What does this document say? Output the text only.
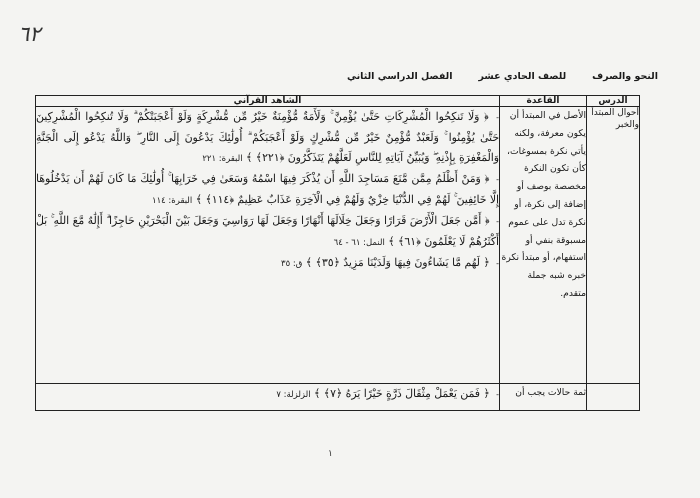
٦٢
النحو والصرف
للصف الحادي عشر
الفصل الدراسي الثاني
الدرس	القاعدة	الشاهد القرآني
أحوال المبتدأ والخبر	الأصل في المبتدأ أن يكون معرفة، ولكنه يأتي نكرة بمسوغات، كأن تكون النكرة مخصصة بوصف أو إضافة إلى نكرة، أو نكرة تدل على عموم مسبوقة بنفي أو استفهام، أو مبتدأ نكرة خبره شبه جملة متقدم.	- ﴿ وَلَا تَنكِحُوا الْمُشْرِكَاتِ حَتَّىٰ يُؤْمِنَّ ۚ وَلَأَمَةٌ مُّؤْمِنَةٌ خَيْرٌ مِّن مُّشْرِكَةٍ وَلَوْ أَعْجَبَتْكُمْ ۗ وَلَا تُنكِحُوا الْمُشْرِكِينَ حَتَّىٰ يُؤْمِنُوا ۚ وَلَعَبْدٌ مُّؤْمِنٌ خَيْرٌ مِّن مُّشْرِكٍ وَلَوْ أَعْجَبَكُمْ ۗ أُولَٰئِكَ يَدْعُونَ إِلَى النَّارِ ۖ وَاللَّهُ يَدْعُو إِلَى الْجَنَّةِ وَالْمَغْفِرَةِ بِإِذْنِهِ ۖ وَيُبَيِّنُ آيَاتِهِ لِلنَّاسِ لَعَلَّهُمْ يَتَذَكَّرُونَ ﴿٢٢١﴾ ﴾ البقرة: ٢٢١

- ﴿ وَمَنْ أَظْلَمُ مِمَّن مَّنَعَ مَسَاجِدَ اللَّهِ أَن يُذْكَرَ فِيهَا اسْمُهُ وَسَعَىٰ فِي خَرَابِهَا ۚ أُولَٰئِكَ مَا كَانَ لَهُمْ أَن يَدْخُلُوهَا إِلَّا خَائِفِينَ ۚ لَهُمْ فِي الدُّنْيَا خِزْيٌ وَلَهُمْ فِي الْآخِرَةِ عَذَابٌ عَظِيمٌ ﴿١١٤﴾ ﴾ البقرة: ١١٤

- ﴿ أَمَّن جَعَلَ الْأَرْضَ قَرَارًا وَجَعَلَ خِلَالَهَا أَنْهَارًا وَجَعَلَ لَهَا رَوَاسِيَ وَجَعَلَ بَيْنَ الْبَحْرَيْنِ حَاجِزًا ۗ أَإِلَٰهٌ مَّعَ اللَّهِ ۚ بَلْ أَكْثَرُهُمْ لَا يَعْلَمُونَ ﴿٦١﴾ ﴾ النمل: ٦١ - ٦٤

- ﴿ لَهُم مَّا يَشَاءُونَ فِيهَا وَلَدَيْنَا مَزِيدٌ ﴿٣٥﴾ ﴾ ق: ٣٥

	ثمة حالات يجب أن	- ﴿ فَمَن يَعْمَلْ مِثْقَالَ ذَرَّةٍ خَيْرًا يَرَهُ ﴿٧﴾ ﴾ الزلزلة: ٧

١
